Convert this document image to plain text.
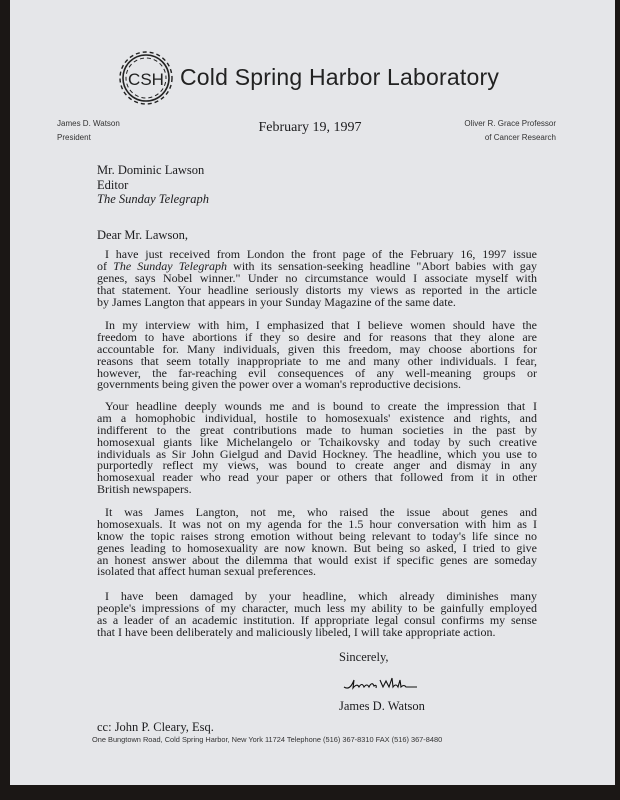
CSH Cold Spring Harbor Laboratory
James D. Watson
President
Oliver R. Grace Professor
of Cancer Research
February 19, 1997
Mr. Dominic Lawson
Editor
The Sunday Telegraph
Dear Mr. Lawson,
I have just received from London the front page of the February 16, 1997 issue
of The Sunday Telegraph with its sensation-seeking headline "Abort babies with gay
genes, says Nobel winner." Under no circumstance would I associate myself with
that statement. Your headline seriously distorts my views as reported in the article
by James Langton that appears in your Sunday Magazine of the same date.
In my interview with him, I emphasized that I believe women should have the
freedom to have abortions if they so desire and for reasons that they alone are
accountable for. Many individuals, given this freedom, may choose abortions for
reasons that seem totally inappropriate to me and many other individuals. I fear,
however, the far-reaching evil consequences of any well-meaning groups or
governments being given the power over a woman's reproductive decisions.
Your headline deeply wounds me and is bound to create the impression that I
am a homophobic individual, hostile to homosexuals' existence and rights, and
indifferent to the great contributions made to human societies in the past by
homosexual giants like Michelangelo or Tchaikovsky and today by such creative
individuals as Sir John Gielgud and David Hockney. The headline, which you use to
purportedly reflect my views, was bound to create anger and dismay in any
homosexual reader who read your paper or others that followed from it in other
British newspapers.
It was James Langton, not me, who raised the issue about genes and
homosexuals. It was not on my agenda for the 1.5 hour conversation with him as I
know the topic raises strong emotion without being relevant to today's life since no
genes leading to homosexuality are now known. But being so asked, I tried to give
an honest answer about the dilemma that would exist if specific genes are someday
isolated that affect human sexual preferences.
I have been damaged by your headline, which already diminishes many
people's impressions of my character, much less my ability to be gainfully employed
as a leader of an academic institution. If appropriate legal consul confirms my sense
that I have been deliberately and maliciously libeled, I will take appropriate action.
Sincerely,
James D. Watson
cc: John P. Cleary, Esq.
One Bungtown Road, Cold Spring Harbor, New York 11724 Telephone (516) 367-8310 FAX (516) 367-8480
